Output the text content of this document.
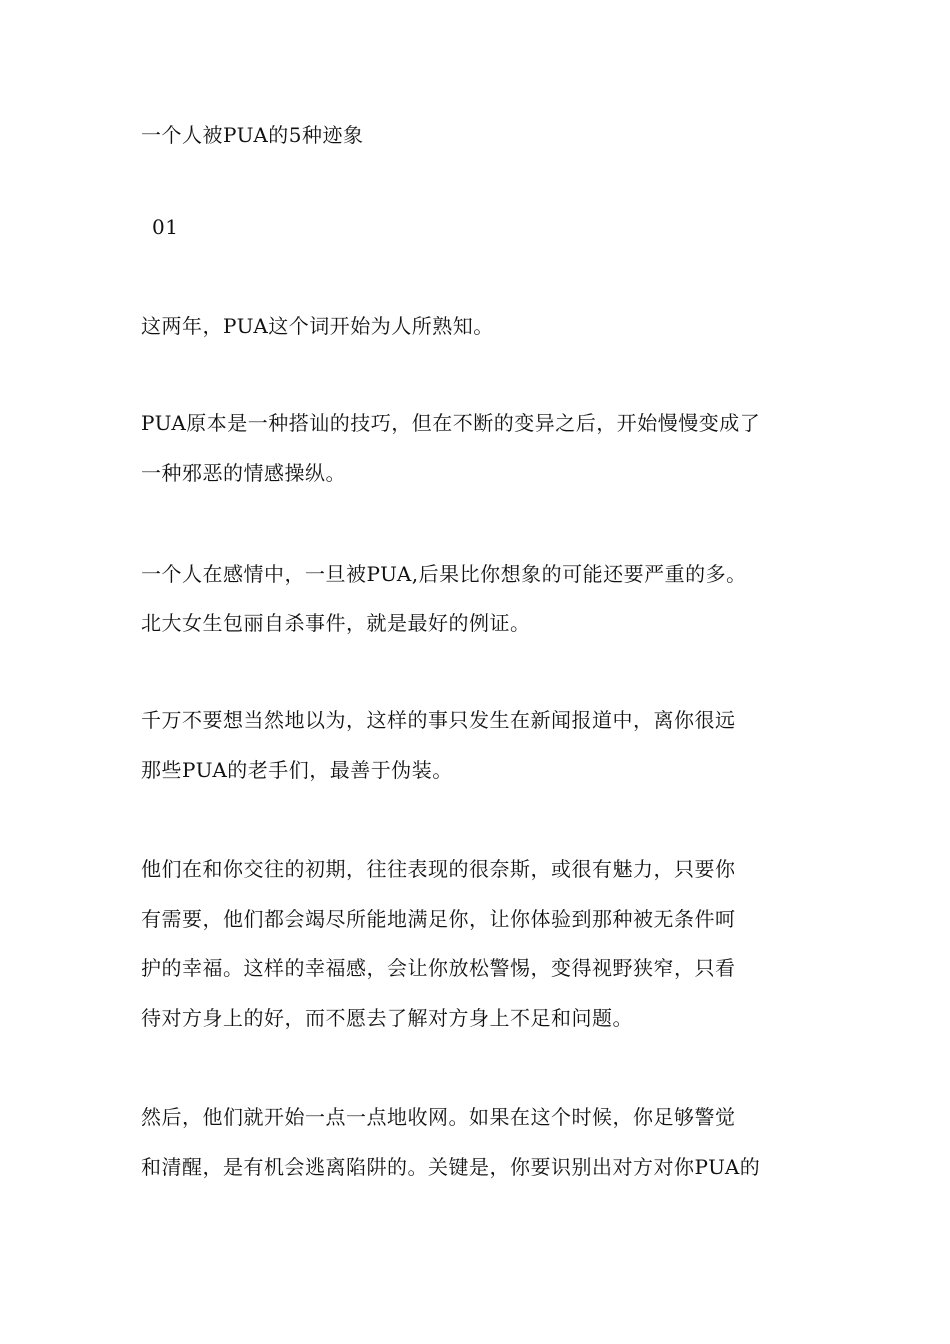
一个人被PUA的5种迹象
01
这两年，PUA这个词开始为人所熟知。
PUA原本是一种搭讪的技巧，但在不断的变异之后，开始慢慢变成了
一种邪恶的情感操纵。
一个人在感情中，一旦被PUA,后果比你想象的可能还要严重的多。
北大女生包丽自杀事件，就是最好的例证。
千万不要想当然地以为，这样的事只发生在新闻报道中，离你很远
那些PUA的老手们，最善于伪装。
他们在和你交往的初期，往往表现的很奈斯，或很有魅力，只要你
有需要，他们都会竭尽所能地满足你，让你体验到那种被无条件呵
护的幸福。这样的幸福感，会让你放松警惕，变得视野狭窄，只看
待对方身上的好，而不愿去了解对方身上不足和问题。
然后，他们就开始一点一点地收网。如果在这个时候，你足够警觉
和清醒，是有机会逃离陷阱的。关键是，你要识别出对方对你PUA的
